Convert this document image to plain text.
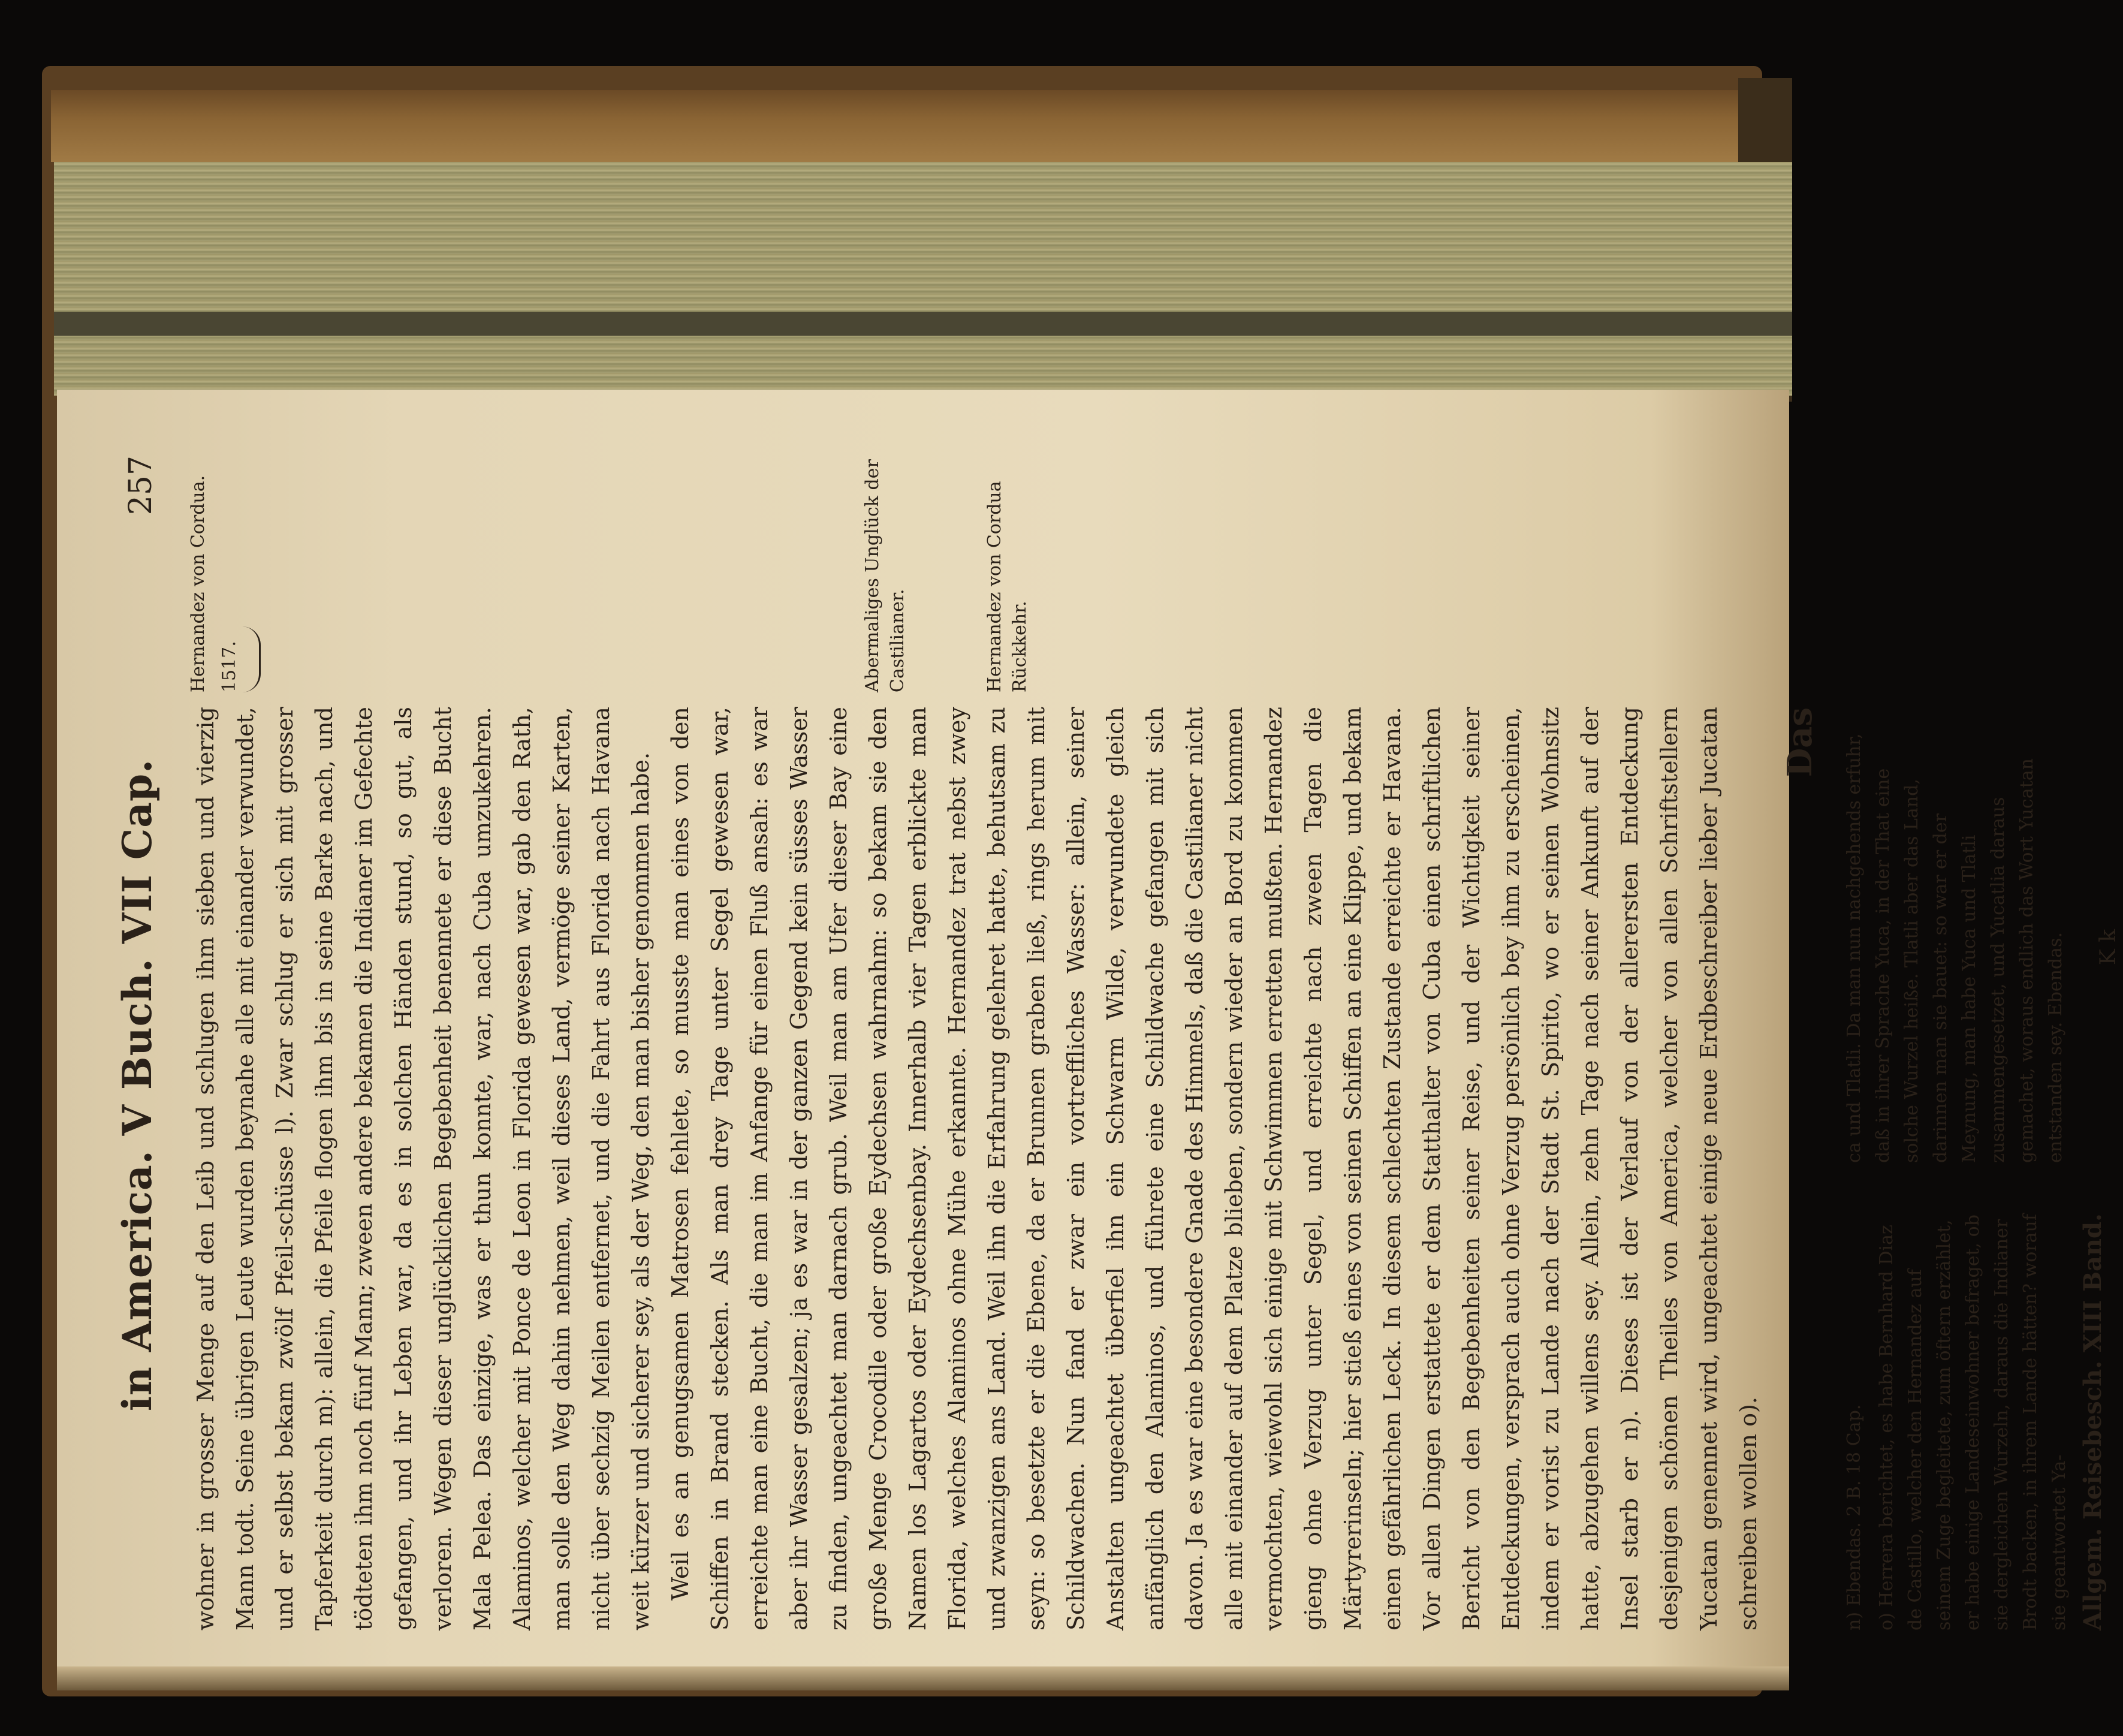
in America. V Buch. VII Cap.
257

wohner in grosser Menge auf den Leib und schlugen ihm sieben und vierzig Mann todt. Seine übrigen Leute wurden beynahe alle mit einander verwundet, und er selbst bekam zwölf Pfeil-schüsse l). Zwar schlug er sich mit grosser Tapferkeit durch m): allein, die Pfeile flogen ihm bis in seine Barke nach, und tödteten ihm noch fünf Mann; zween andere bekamen die Indianer im Gefechte gefangen, und ihr Leben war, da es in solchen Händen stund, so gut, als verloren. Wegen dieser unglücklichen Begebenheit benennete er diese Bucht Mala Pelea. Das einzige, was er thun konnte, war, nach Cuba umzukehren. Alaminos, welcher mit Ponce de Leon in Florida gewesen war, gab den Rath, man solle den Weg dahin nehmen, weil dieses Land, vermöge seiner Karten, nicht über sechzig Meilen entfernet, und die Fahrt aus Florida nach Havana weit kürzer und sicherer sey, als der Weg, den man bisher genommen habe. Weil es an genugsamen Matrosen fehlete, so musste man eines von den Schiffen in Brand stecken. Als man drey Tage unter Segel gewesen war, erreichte man eine Bucht, die man im Anfange für einen Fluß ansah: es war aber ihr Wasser gesalzen; ja es war in der ganzen Gegend kein süsses Wasser zu finden, ungeachtet man darnach grub. Weil man am Ufer dieser Bay eine große Menge Crocodile oder große Eydechsen wahrnahm: so bekam sie den Namen los Lagartos oder Eydechsenbay. Innerhalb vier Tagen erblickte man Florida, welches Alaminos ohne Mühe erkannte. Hernandez trat nebst zwey und zwanzigen ans Land. Weil ihn die Erfahrung gelehret hatte, behutsam zu seyn: so besetzte er die Ebene, da er Brunnen graben ließ, rings herum mit Schildwachen. Nun fand er zwar ein vortreffliches Wasser: allein, seiner Anstalten ungeachtet überfiel ihn ein Schwarm Wilde, verwundete gleich anfänglich den Alaminos, und führete eine Schildwache gefangen mit sich davon. Ja es war eine besondere Gnade des Himmels, daß die Castilianer nicht alle mit einander auf dem Platze blieben, sondern wieder an Bord zu kommen vermochten, wiewohl sich einige mit Schwimmen erretten mußten. Hernandez gieng ohne Verzug unter Segel, und erreichte nach zween Tagen die Märtyrerinseln; hier stieß eines von seinen Schiffen an eine Klippe, und bekam einen gefährlichen Leck. In diesem schlechten Zustande erreichte er Havana. Vor allen Dingen erstattete er dem Statthalter von Cuba einen schriftlichen Bericht von den Begebenheiten seiner Reise, und der Wichtigkeit seiner Entdeckungen, versprach auch ohne Verzug persönlich bey ihm zu erscheinen, indem er vorist zu Lande nach der Stadt St. Spirito, wo er seinen Wohnsitz hatte, abzugehen willens sey. Allein, zehn Tage nach seiner Ankunft auf der Insel starb er n). Dieses ist der Verlauf von der allerersten Entdeckung desjenigen schönen Theiles von America, welcher von allen Schriftstellern Yucatan genennet wird, ungeachtet einige neue Erdbeschreiber lieber Jucatan schreiben wollen o).

Hernandez von Cordua. 1517.	Abermaliges Unglück der Castilianer.	Hernandez von Cordua Rückkehr.
Das

n) Ebendas. 2 B. 18 Cap. o) Herrera berichtet, es habe Bernhard Diaz de Castillo, welcher den Hernandez auf seinem Zuge begleitete, zum öftern erzählet, er habe einige Landeseinwohner befraget, ob sie dergleichen Wurzeln, daraus die Indianer Brodt backen, in ihrem Lande hätten? worauf sie geantwortet Ya- Allgem. Reisebesch. XIII Band.

ca und Tlatli. Da man nun nachgehends erfuhr, daß in ihrer Sprache Yuca, in der That eine solche Wurzel heiße. Tlatli aber das Land, darinnen man sie bauet: so war er der Meynung, man habe Yuca und Tlatli zusammengesetzet, und Yucatlia daraus gemachet, woraus endlich das Wort Yucatan entstanden sey. Ebendas. K k
